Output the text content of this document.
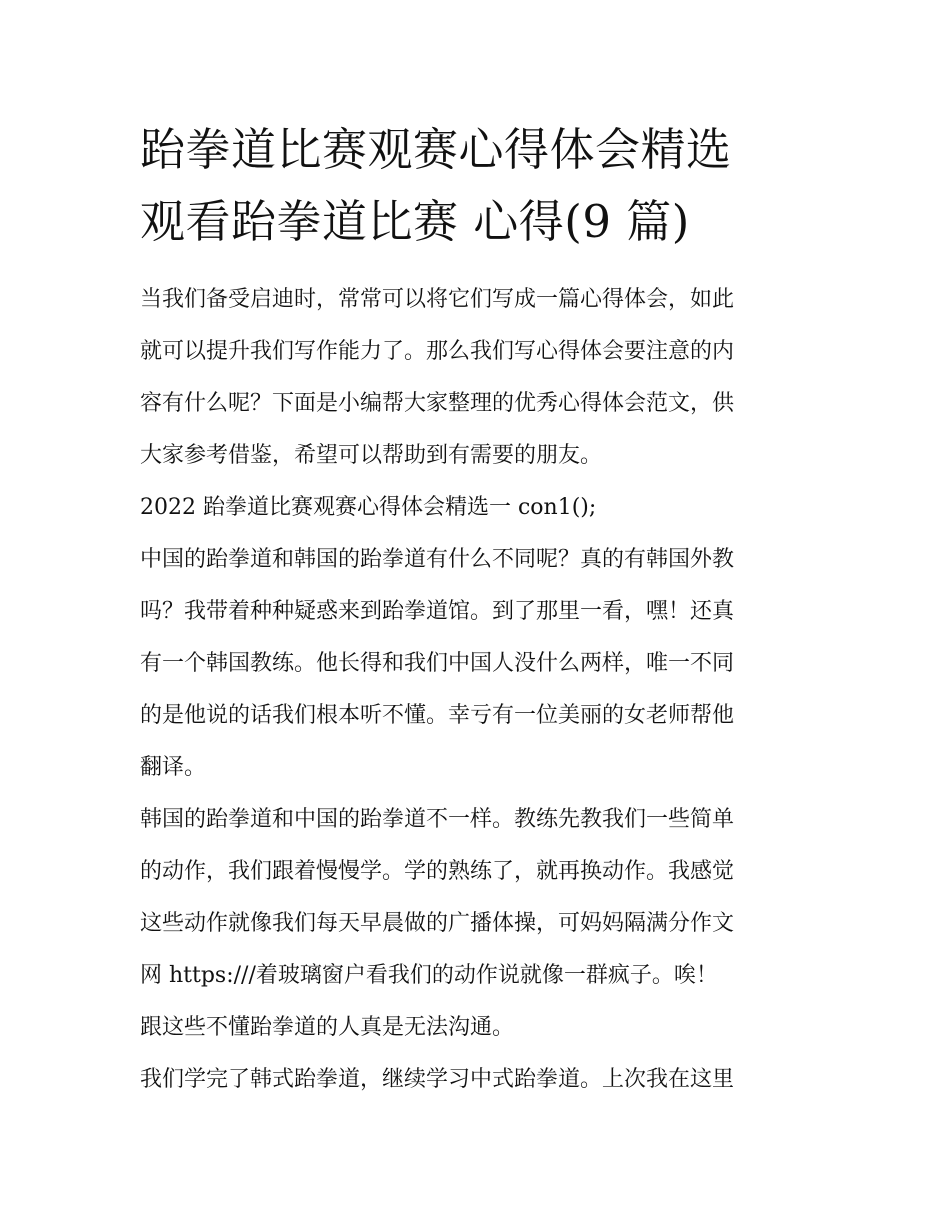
跆拳道比赛观赛心得体会精选
观看跆拳道比赛 心得(9 篇)

当我们备受启迪时，常常可以将它们写成一篇心得体会，如此
就可以提升我们写作能力了。那么我们写心得体会要注意的内
容有什么呢？下面是小编帮大家整理的优秀心得体会范文，供
大家参考借鉴，希望可以帮助到有需要的朋友。

2022 跆拳道比赛观赛心得体会精选一 con1();

中国的跆拳道和韩国的跆拳道有什么不同呢？真的有韩国外教
吗？我带着种种疑惑来到跆拳道馆。到了那里一看，嘿！还真
有一个韩国教练。他长得和我们中国人没什么两样，唯一不同
的是他说的话我们根本听不懂。幸亏有一位美丽的女老师帮他
翻译。

韩国的跆拳道和中国的跆拳道不一样。教练先教我们一些简单
的动作，我们跟着慢慢学。学的熟练了，就再换动作。我感觉
这些动作就像我们每天早晨做的广播体操，可妈妈隔满分作文
网 https:///着玻璃窗户看我们的动作说就像一群疯子。唉！
跟这些不懂跆拳道的人真是无法沟通。

我们学完了韩式跆拳道，继续学习中式跆拳道。上次我在这里
